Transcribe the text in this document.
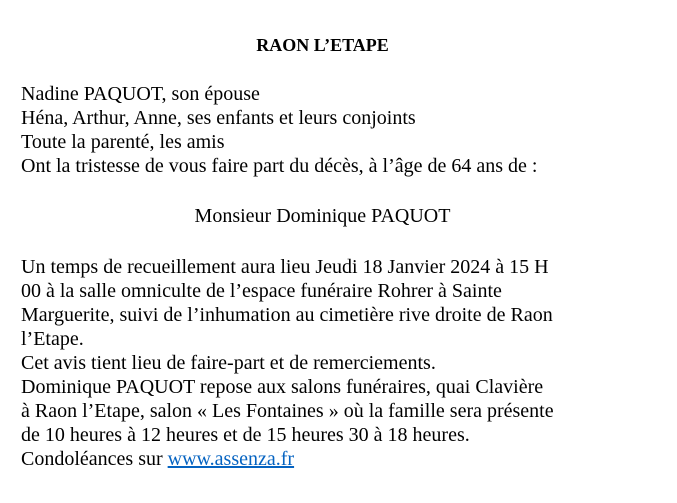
RAON L’ETAPE
Nadine PAQUOT, son épouse
Héna, Arthur, Anne, ses enfants et leurs conjoints
Toute la parenté, les amis
Ont la tristesse de vous faire part du décès, à l’âge de 64 ans de :
Monsieur Dominique PAQUOT
Un temps de recueillement aura lieu Jeudi 18 Janvier 2024 à 15 H
00 à la salle omniculte de l’espace funéraire Rohrer à Sainte
Marguerite, suivi de l’inhumation au cimetière rive droite de Raon
l’Etape.
Cet avis tient lieu de faire-part et de remerciements.
Dominique PAQUOT repose aux salons funéraires, quai Clavière
à Raon l’Etape, salon « Les Fontaines » où la famille sera présente
de 10 heures à 12 heures et de 15 heures 30 à 18 heures.
Condoléances sur www.assenza.fr
